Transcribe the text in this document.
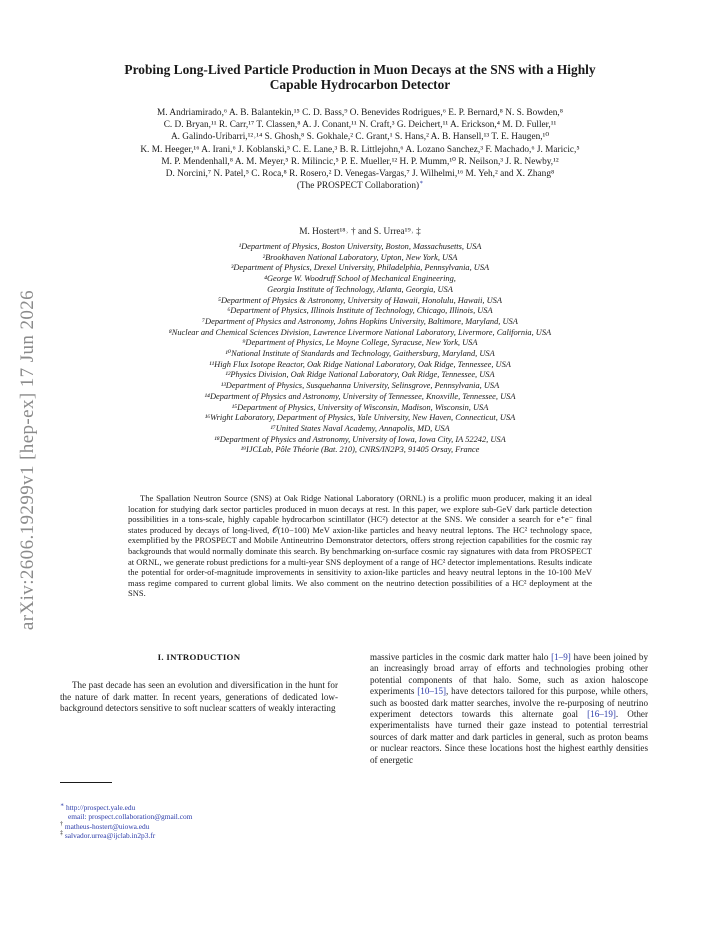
arXiv:2606.19299v1 [hep-ex] 17 Jun 2026
Probing Long-Lived Particle Production in Muon Decays at the SNS with a Highly
Capable Hydrocarbon Detector
M. Andriamirado,⁶ A. B. Balantekin,¹⁵ C. D. Bass,⁹ O. Benevides Rodrigues,⁶ E. P. Bernard,⁸ N. S. Bowden,⁸
C. D. Bryan,¹¹ R. Carr,¹⁷ T. Classen,⁸ A. J. Conant,¹¹ N. Craft,³ G. Deichert,¹¹ A. Erickson,⁴ M. D. Fuller,¹¹
A. Galindo-Uribarri,¹²˒¹⁴ S. Ghosh,⁸ S. Gokhale,² C. Grant,¹ S. Hans,² A. B. Hansell,¹³ T. E. Haugen,¹⁰
K. M. Heeger,¹⁶ A. Irani,⁶ J. Koblanski,⁵ C. E. Lane,³ B. R. Littlejohn,⁶ A. Lozano Sanchez,³ F. Machado,⁶ J. Maricic,⁵
M. P. Mendenhall,⁸ A. M. Meyer,⁵ R. Milincic,⁵ P. E. Mueller,¹² H. P. Mumm,¹⁰ R. Neilson,³ J. R. Newby,¹²
D. Norcini,⁷ N. Patel,⁵ C. Roca,⁸ R. Rosero,² D. Venegas-Vargas,⁷ J. Wilhelmi,¹⁶ M. Yeh,² and X. Zhang⁸
(The PROSPECT Collaboration)∗
M. Hostert¹⁸˒ † and S. Urrea¹⁹˒ ‡
¹Department of Physics, Boston University, Boston, Massachusetts, USA
²Brookhaven National Laboratory, Upton, New York, USA
³Department of Physics, Drexel University, Philadelphia, Pennsylvania, USA
⁴George W. Woodruff School of Mechanical Engineering,
Georgia Institute of Technology, Atlanta, Georgia, USA
⁵Department of Physics & Astronomy, University of Hawaii, Honolulu, Hawaii, USA
⁶Department of Physics, Illinois Institute of Technology, Chicago, Illinois, USA
⁷Department of Physics and Astronomy, Johns Hopkins University, Baltimore, Maryland, USA
⁸Nuclear and Chemical Sciences Division, Lawrence Livermore National Laboratory, Livermore, California, USA
⁹Department of Physics, Le Moyne College, Syracuse, New York, USA
¹⁰National Institute of Standards and Technology, Gaithersburg, Maryland, USA
¹¹High Flux Isotope Reactor, Oak Ridge National Laboratory, Oak Ridge, Tennessee, USA
¹²Physics Division, Oak Ridge National Laboratory, Oak Ridge, Tennessee, USA
¹³Department of Physics, Susquehanna University, Selinsgrove, Pennsylvania, USA
¹⁴Department of Physics and Astronomy, University of Tennessee, Knoxville, Tennessee, USA
¹⁵Department of Physics, University of Wisconsin, Madison, Wisconsin, USA
¹⁶Wright Laboratory, Department of Physics, Yale University, New Haven, Connecticut, USA
¹⁷United States Naval Academy, Annapolis, MD, USA
¹⁸Department of Physics and Astronomy, University of Iowa, Iowa City, IA 52242, USA
¹⁹IJCLab, Pôle Théorie (Bat. 210), CNRS/IN2P3, 91405 Orsay, France

The Spallation Neutron Source (SNS) at Oak Ridge National Laboratory (ORNL) is a prolific muon producer, making it an ideal location for studying dark sector particles produced in muon decays at rest. In this paper, we explore sub-GeV dark particle detection possibilities in a tons-scale, highly capable hydrocarbon scintillator (HC²) detector at the SNS. We consider a search for e⁺e⁻ final states produced by decays of long-lived, 𝒪(10−100) MeV axion-like particles and heavy neutral leptons. The HC² technology space, exemplified by the PROSPECT and Mobile Antineutrino Demonstrator detectors, offers strong rejection capabilities for the cosmic ray backgrounds that would normally dominate this search. By benchmarking on-surface cosmic ray signatures with data from PROSPECT at ORNL, we generate robust predictions for a multi-year SNS deployment of a range of HC² detector implementations. Results indicate the potential for order-of-magnitude improvements in sensitivity to axion-like particles and heavy neutral leptons in the 10-100 MeV mass regime compared to current global limits. We also comment on the neutrino detection possibilities of a HC² deployment at the SNS.

I. INTRODUCTION

The past decade has seen an evolution and diversification in the hunt for the nature of dark matter. In recent years, generations of dedicated low-background detectors sensitive to soft nuclear scatters of weakly interacting

massive particles in the cosmic dark matter halo [1–9] have been joined by an increasingly broad array of efforts and technologies probing other potential components of that halo. Some, such as axion haloscope experiments [10–15], have detectors tailored for this purpose, while others, such as boosted dark matter searches, involve the re-purposing of neutrino experiment detectors towards this alternate goal [16–19]. Other experimentalists have turned their gaze instead to potential terrestrial sources of dark matter and dark particles in general, such as proton beams or nuclear reactors. Since these locations host the highest earthly densities of energetic

∗ http://prospect.yale.edu
email: prospect.collaboration@gmail.com
† matheus-hostert@uiowa.edu
‡ salvador.urrea@ijclab.in2p3.fr
